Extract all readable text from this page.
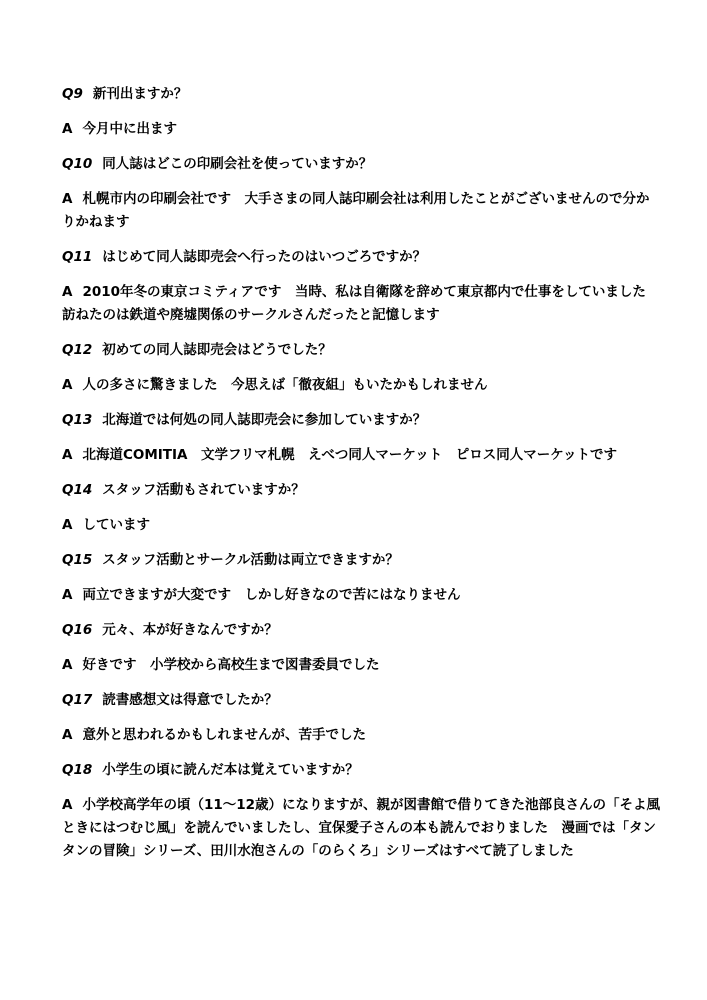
Q9 新刊出ますか？

A 今月中に出ます

Q10 同人誌はどこの印刷会社を使っていますか？

A 札幌市内の印刷会社です　大手さまの同人誌印刷会社は利用したことがございませんので分かりかねます

Q11 はじめて同人誌即売会へ行ったのはいつごろですか？

A 2010年冬の東京コミティアです　当時、私は自衛隊を辞めて東京都内で仕事をしていました　訪ねたのは鉄道や廃墟関係のサークルさんだったと記憶します

Q12 初めての同人誌即売会はどうでした？

A 人の多さに驚きました　今思えば「徹夜組」もいたかもしれません

Q13 北海道では何処の同人誌即売会に参加していますか？

A 北海道COMITIA　文学フリマ札幌　えべつ同人マーケット　ピロス同人マーケットです

Q14 スタッフ活動もされていますか？

A しています

Q15 スタッフ活動とサークル活動は両立できますか？

A 両立できますが大変です　しかし好きなので苦にはなりません

Q16 元々、本が好きなんですか？

A 好きです　小学校から高校生まで図書委員でした

Q17 読書感想文は得意でしたか？

A 意外と思われるかもしれませんが、苦手でした

Q18 小学生の頃に読んだ本は覚えていますか？

A 小学校高学年の頃（11～12歳）になりますが、親が図書館で借りてきた池部良さんの「そよ風ときにはつむじ風」を読んでいましたし、宜保愛子さんの本も読んでおりました　漫画では「タンタンの冒険」シリーズ、田川水泡さんの「のらくろ」シリーズはすべて読了しました
